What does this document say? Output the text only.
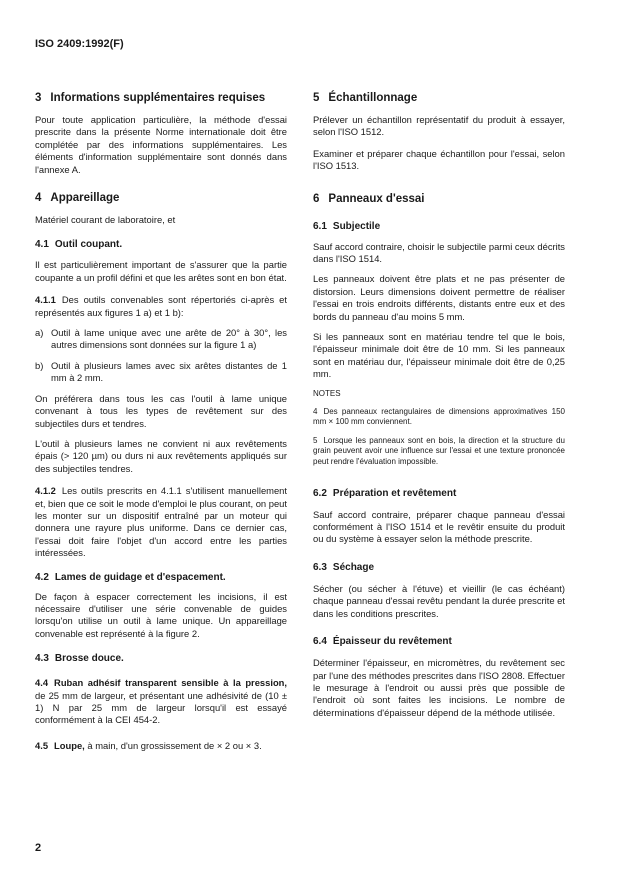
ISO 2409:1992(F)
3 Informations supplémentaires requises

Pour toute application particulière, la méthode d'essai prescrite dans la présente Norme internationale doit être complétée par des informations supplémentaires. Les éléments d'information supplémentaire sont donnés dans l'annexe A.

4 Appareillage

Matériel courant de laboratoire, et

4.1 Outil coupant.

Il est particulièrement important de s'assurer que la partie coupante a un profil défini et que les arêtes sont en bon état.

4.1.1 Des outils convenables sont répertoriés ci-après et représentés aux figures 1 a) et 1 b):

a) Outil à lame unique avec une arête de 20° à 30°, les autres dimensions sont données sur la figure 1 a)
b) Outil à plusieurs lames avec six arêtes distantes de 1 mm à 2 mm.

On préférera dans tous les cas l'outil à lame unique convenant à tous les types de revêtement sur des subjectiles durs et tendres.

L'outil à plusieurs lames ne convient ni aux revêtements épais (> 120 µm) ou durs ni aux revêtements appliqués sur des subjectiles tendres.

4.1.2 Les outils prescrits en 4.1.1 s'utilisent manuellement et, bien que ce soit le mode d'emploi le plus courant, on peut les monter sur un dispositif entraîné par un moteur qui donnera une rayure plus uniforme. Dans ce dernier cas, l'essai doit faire l'objet d'un accord entre les parties intéressées.

4.2 Lames de guidage et d'espacement.

De façon à espacer correctement les incisions, il est nécessaire d'utiliser une série convenable de guides lorsqu'on utilise un outil à lame unique. Un appareillage convenable est représenté à la figure 2.

4.3 Brosse douce.

4.4 Ruban adhésif transparent sensible à la pression, de 25 mm de largeur, et présentant une adhésivité de (10 ± 1) N par 25 mm de largeur lorsqu'il est essayé conformément à la CEI 454-2.

4.5 Loupe, à main, d'un grossissement de × 2 ou × 3.

5 Échantillonnage

Prélever un échantillon représentatif du produit à essayer, selon l'ISO 1512.

Examiner et préparer chaque échantillon pour l'essai, selon l'ISO 1513.

6 Panneaux d'essai
6.1 Subjectile

Sauf accord contraire, choisir le subjectile parmi ceux décrits dans l'ISO 1514.

Les panneaux doivent être plats et ne pas présenter de distorsion. Leurs dimensions doivent permettre de réaliser l'essai en trois endroits différents, distants entre eux et des bords du panneau d'au moins 5 mm.

Si les panneaux sont en matériau tendre tel que le bois, l'épaisseur minimale doit être de 10 mm. Si les panneaux sont en matériau dur, l'épaisseur minimale doit être de 0,25 mm.

NOTES

4 Des panneaux rectangulaires de dimensions approximatives 150 mm × 100 mm conviennent.

5 Lorsque les panneaux sont en bois, la direction et la structure du grain peuvent avoir une influence sur l'essai et une texture prononcée peut rendre l'évaluation impossible.

6.2 Préparation et revêtement

Sauf accord contraire, préparer chaque panneau d'essai conformément à l'ISO 1514 et le revêtir ensuite du produit ou du système à essayer selon la méthode prescrite.

6.3 Séchage

Sécher (ou sécher à l'étuve) et vieillir (le cas échéant) chaque panneau d'essai revêtu pendant la durée prescrite et dans les conditions prescrites.

6.4 Épaisseur du revêtement

Déterminer l'épaisseur, en micromètres, du revêtement sec par l'une des méthodes prescrites dans l'ISO 2808. Effectuer le mesurage à l'endroit ou aussi près que possible de l'endroit où sont faites les incisions. Le nombre de déterminations d'épaisseur dépend de la méthode utilisée.

2
